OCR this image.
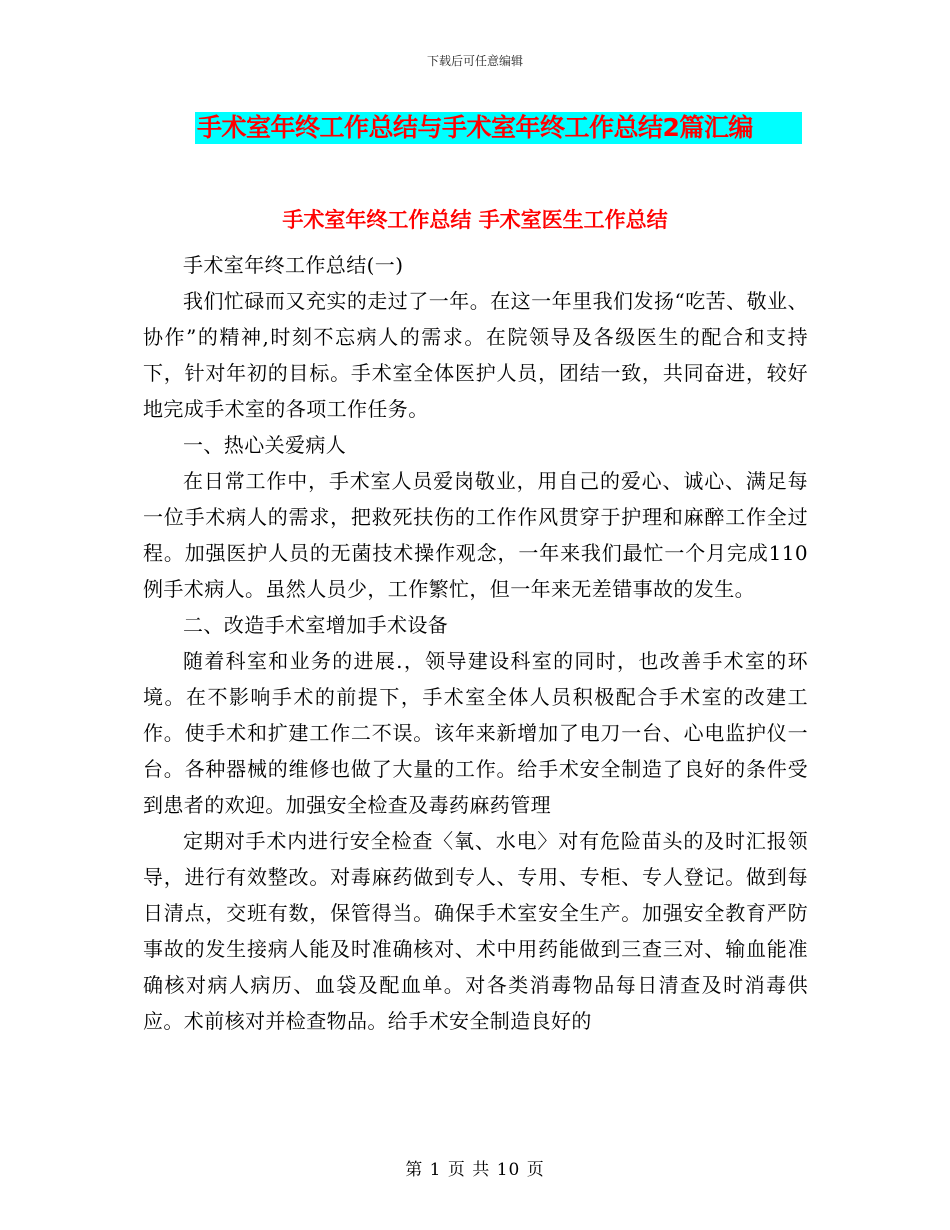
下载后可任意编辑
手术室年终工作总结与手术室年终工作总结2篇汇编
手术室年终工作总结 手术室医生工作总结

手术室年终工作总结(一)

我们忙碌而又充实的走过了一年。在这一年里我们发扬“吃苦、敬业、协作”的精神,时刻不忘病人的需求。在院领导及各级医生的配合和支持下，针对年初的目标。手术室全体医护人员，团结一致，共同奋进，较好地完成手术室的各项工作任务。

一、热心关爱病人

在日常工作中，手术室人员爱岗敬业，用自己的爱心、诚心、满足每一位手术病人的需求，把救死扶伤的工作作风贯穿于护理和麻醉工作全过程。加强医护人员的无菌技术操作观念，一年来我们最忙一个月完成110例手术病人。虽然人员少，工作繁忙，但一年来无差错事故的发生。

二、改造手术室增加手术设备

随着科室和业务的进展.，领导建设科室的同时，也改善手术室的环境。在不影响手术的前提下，手术室全体人员积极配合手术室的改建工作。使手术和扩建工作二不误。该年来新增加了电刀一台、心电监护仪一台。各种器械的维修也做了大量的工作。给手术安全制造了良好的条件受到患者的欢迎。加强安全检查及毒药麻药管理

定期对手术内进行安全检查〈氧、水电〉对有危险苗头的及时汇报领导，进行有效整改。对毒麻药做到专人、专用、专柜、专人登记。做到每日清点，交班有数，保管得当。确保手术室安全生产。加强安全教育严防事故的发生接病人能及时准确核对、术中用药能做到三查三对、输血能准确核对病人病历、血袋及配血单。对各类消毒物品每日清查及时消毒供应。术前核对并检查物品。给手术安全制造良好的

第 1 页 共 10 页
